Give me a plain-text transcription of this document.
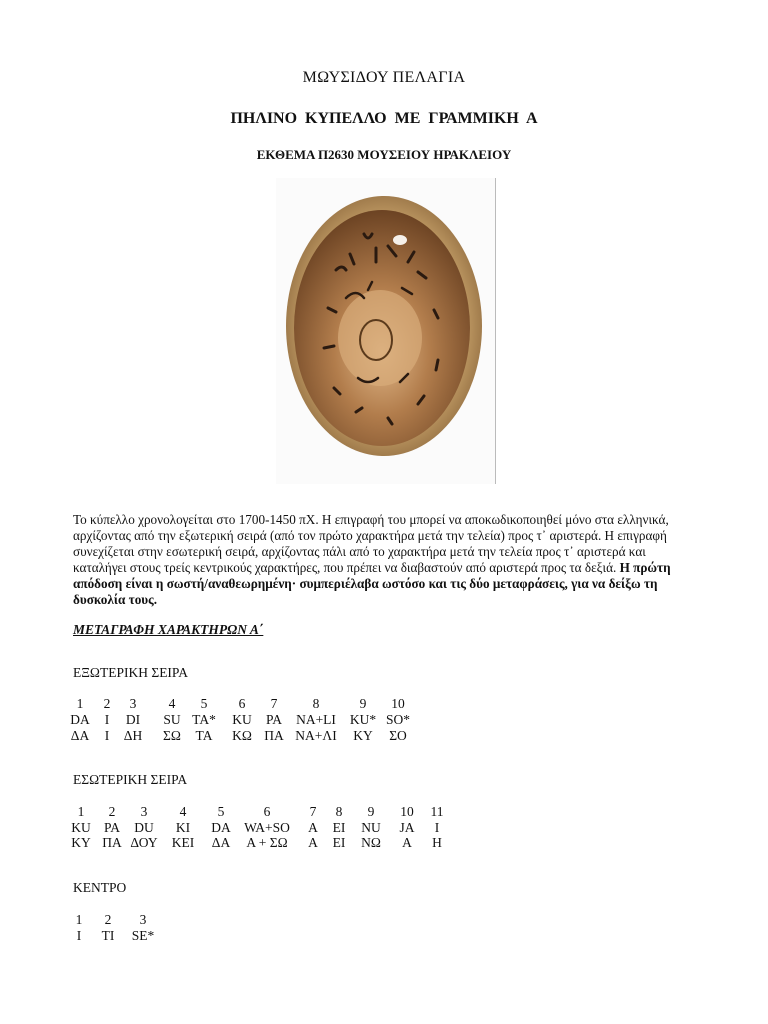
ΜΩΥΣΙΔΟΥ ΠΕΛΑΓΙΑ
ΠΗΛΙΝΟ ΚΥΠΕΛΛΟ ΜΕ ΓΡΑΜΜΙΚΗ Α
ΕΚΘΕΜΑ Π2630 ΜΟΥΣΕΙΟΥ ΗΡΑΚΛΕΙΟΥ
Το κύπελλο χρονολογείται στο 1700-1450 πΧ. Η επιγραφή του μπορεί να αποκωδικοποιηθεί μόνο στα ελληνικά, αρχίζοντας από την εξωτερική σειρά (από τον πρώτο χαρακτήρα μετά την τελεία) προς τ᾽ αριστερά. Η επιγραφή συνεχίζεται στην εσωτερική σειρά, αρχίζοντας πάλι από το χαρακτήρα μετά την τελεία προς τ᾽ αριστερά και καταλήγει στους τρείς κεντρικούς χαρακτήρες, που πρέπει να διαβαστούν από αριστερά προς τα δεξιά. Η πρώτη απόδοση είναι η σωστή/αναθεωρημένη· συμπεριέλαβα ωστόσο και τις δύο μεταφράσεις, για να δείξω τη δυσκολία τους.
ΜΕΤΑΓΡΑΦΗ ΧΑΡΑΚΤΗΡΩΝ Α΄
ΕΞΩΤΕΡΙΚΗ ΣΕΙΡΑ
1 2 3 4 5 6 7	8	9 10
DA I DI SU TA* KU PA NA+LI KU* SO*
ΔΑ Ι ΔΗ ΣΩ ΤΑ ΚΩ ΠΑ ΝΑ+ΛΙ ΚΥ ΣΟ
ΕΣΩΤΕΡΙΚΗ ΣΕΙΡΑ
1 2 3 4 5	6	7 8 9 10 11
KU PA DU KI DA WA+SO A EI NU JA I
ΚΥ ΠΑ ΔΟΥ ΚΕΙ ΔΑ Α + ΣΩ Α ΕΙ ΝΩ Α Η
ΚΕΝΤΡΟ
1 2 3
I TI SE*
